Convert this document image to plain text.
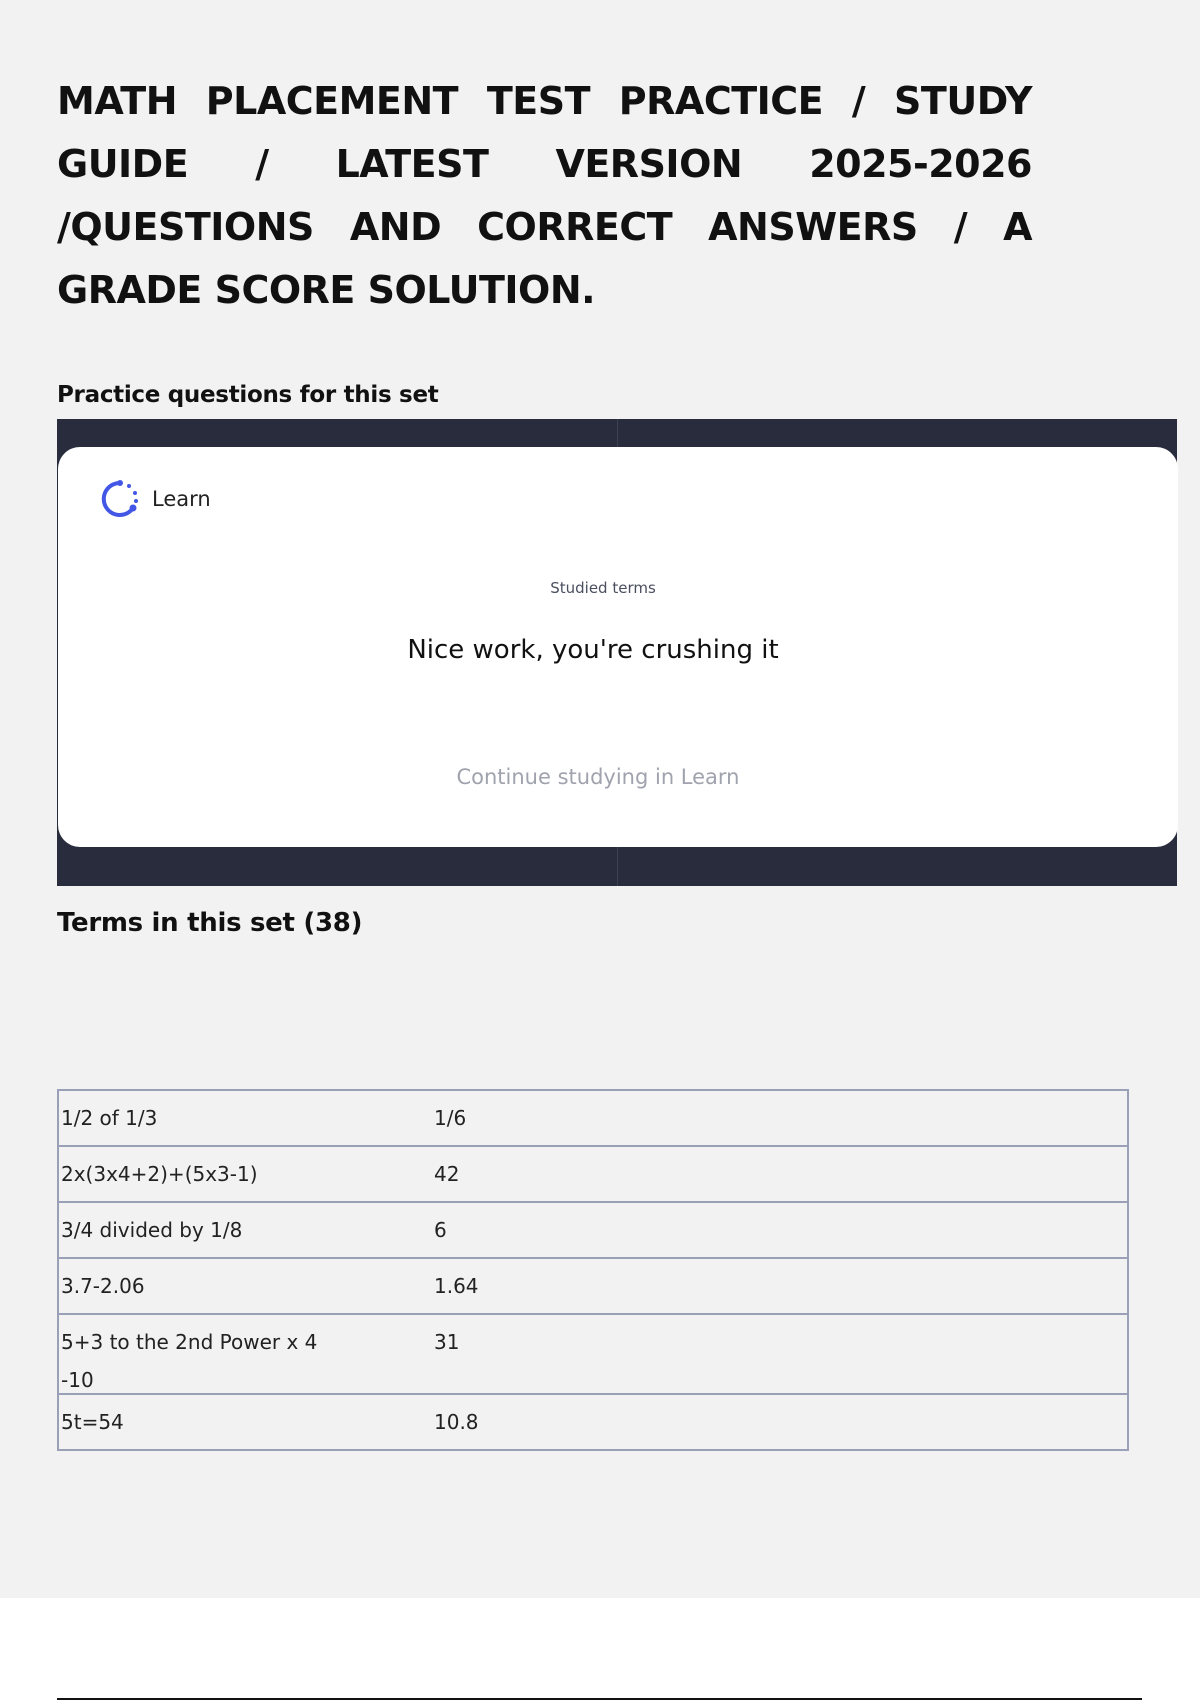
MATH PLACEMENT TEST PRACTICE / STUDY GUIDE / LATEST VERSION 2025-2026 /QUESTIONS AND CORRECT ANSWERS / A GRADE SCORE SOLUTION.
Practice questions for this set
Learn
Studied terms
Nice work, you're crushing it
Continue studying in Learn
Terms in this set (38)
1/2 of 1/3	1/6

2x(3x4+2)+(5x3-1)	42

3/4 divided by 1/8	6

3.7-2.06	1.64

5+3 to the 2nd Power x 4
-10	31

5t=54	10.8
